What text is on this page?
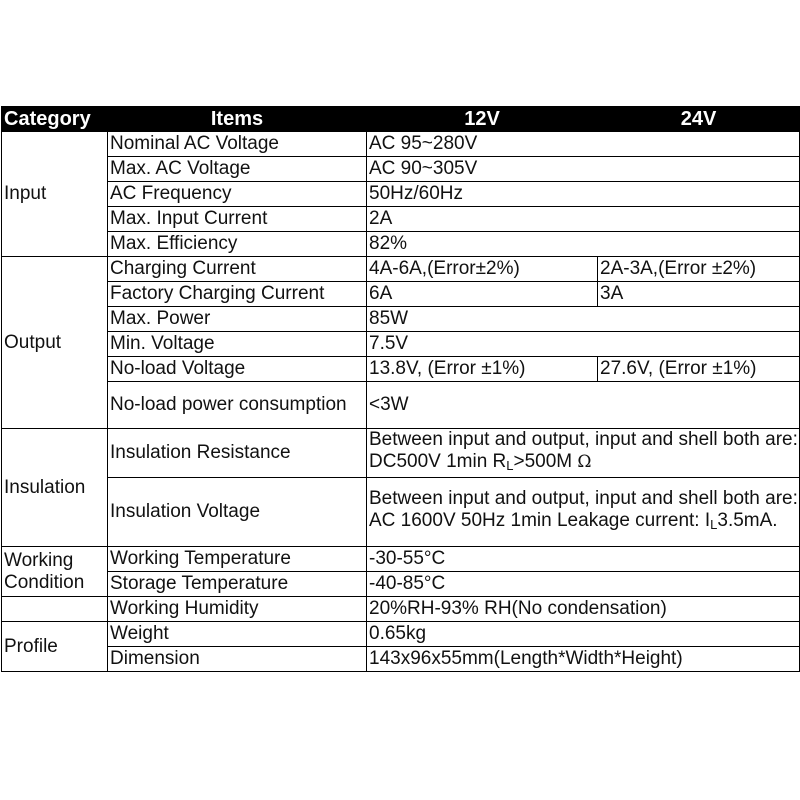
Category	Items	12V	24V
Input	Nominal AC Voltage	AC 95~280V	
	Max. AC Voltage	AC 90~305V	
	AC Frequency	50Hz/60Hz	
	Max. Input Current	2A	
	Max. Efficiency	82%	
Output	Charging Current	4A-6A,(Error±2%)	2A-3A,(Error ±2%)
	Factory Charging Current	6A	3A
	Max. Power	85W	
	Min. Voltage	7.5V	
	No-load Voltage	13.8V, (Error ±1%)	27.6V, (Error ±1%)
	No-load power consumption	<3W	
Insulation	Insulation Resistance	Between input and output, input and shell both are: DC500V 1min $R_L>500M$ Ω	
	Insulation Voltage	Between input and output, input and shell both are: AC 1600V 50Hz 1min Leakage current: $I_L3.5mA$.	
Working Condition	Working Temperature	-30-55°C	
	Storage Temperature	-40-85°C	
	Working Humidity	20%RH-93% RH(No condensation)	
Profile	Weight	0.65kg	
	Dimension	143x96x55mm(Length*Width*Height)	
